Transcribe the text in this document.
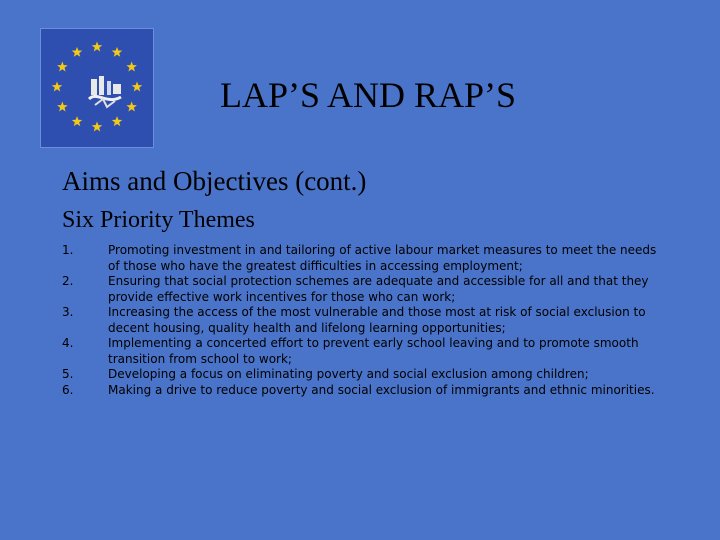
LAP’S AND RAP’S
Aims and Objectives (cont.)
Six Priority Themes
1.	Promoting investment in and tailoring of active labour market measures to meet the needs of those who have the greatest difficulties in accessing employment;
2.	Ensuring that social protection schemes are adequate and accessible for all and that they provide effective work incentives for those who can work;
3.	Increasing the access of the most vulnerable and those most at risk of social exclusion to decent housing, quality health and lifelong learning opportunities;
4.	Implementing a concerted effort to prevent early school leaving and to promote smooth transition from school to work;
5.	Developing a focus on eliminating poverty and social exclusion among children;
6.	Making a drive to reduce poverty and social exclusion of immigrants and ethnic minorities.
